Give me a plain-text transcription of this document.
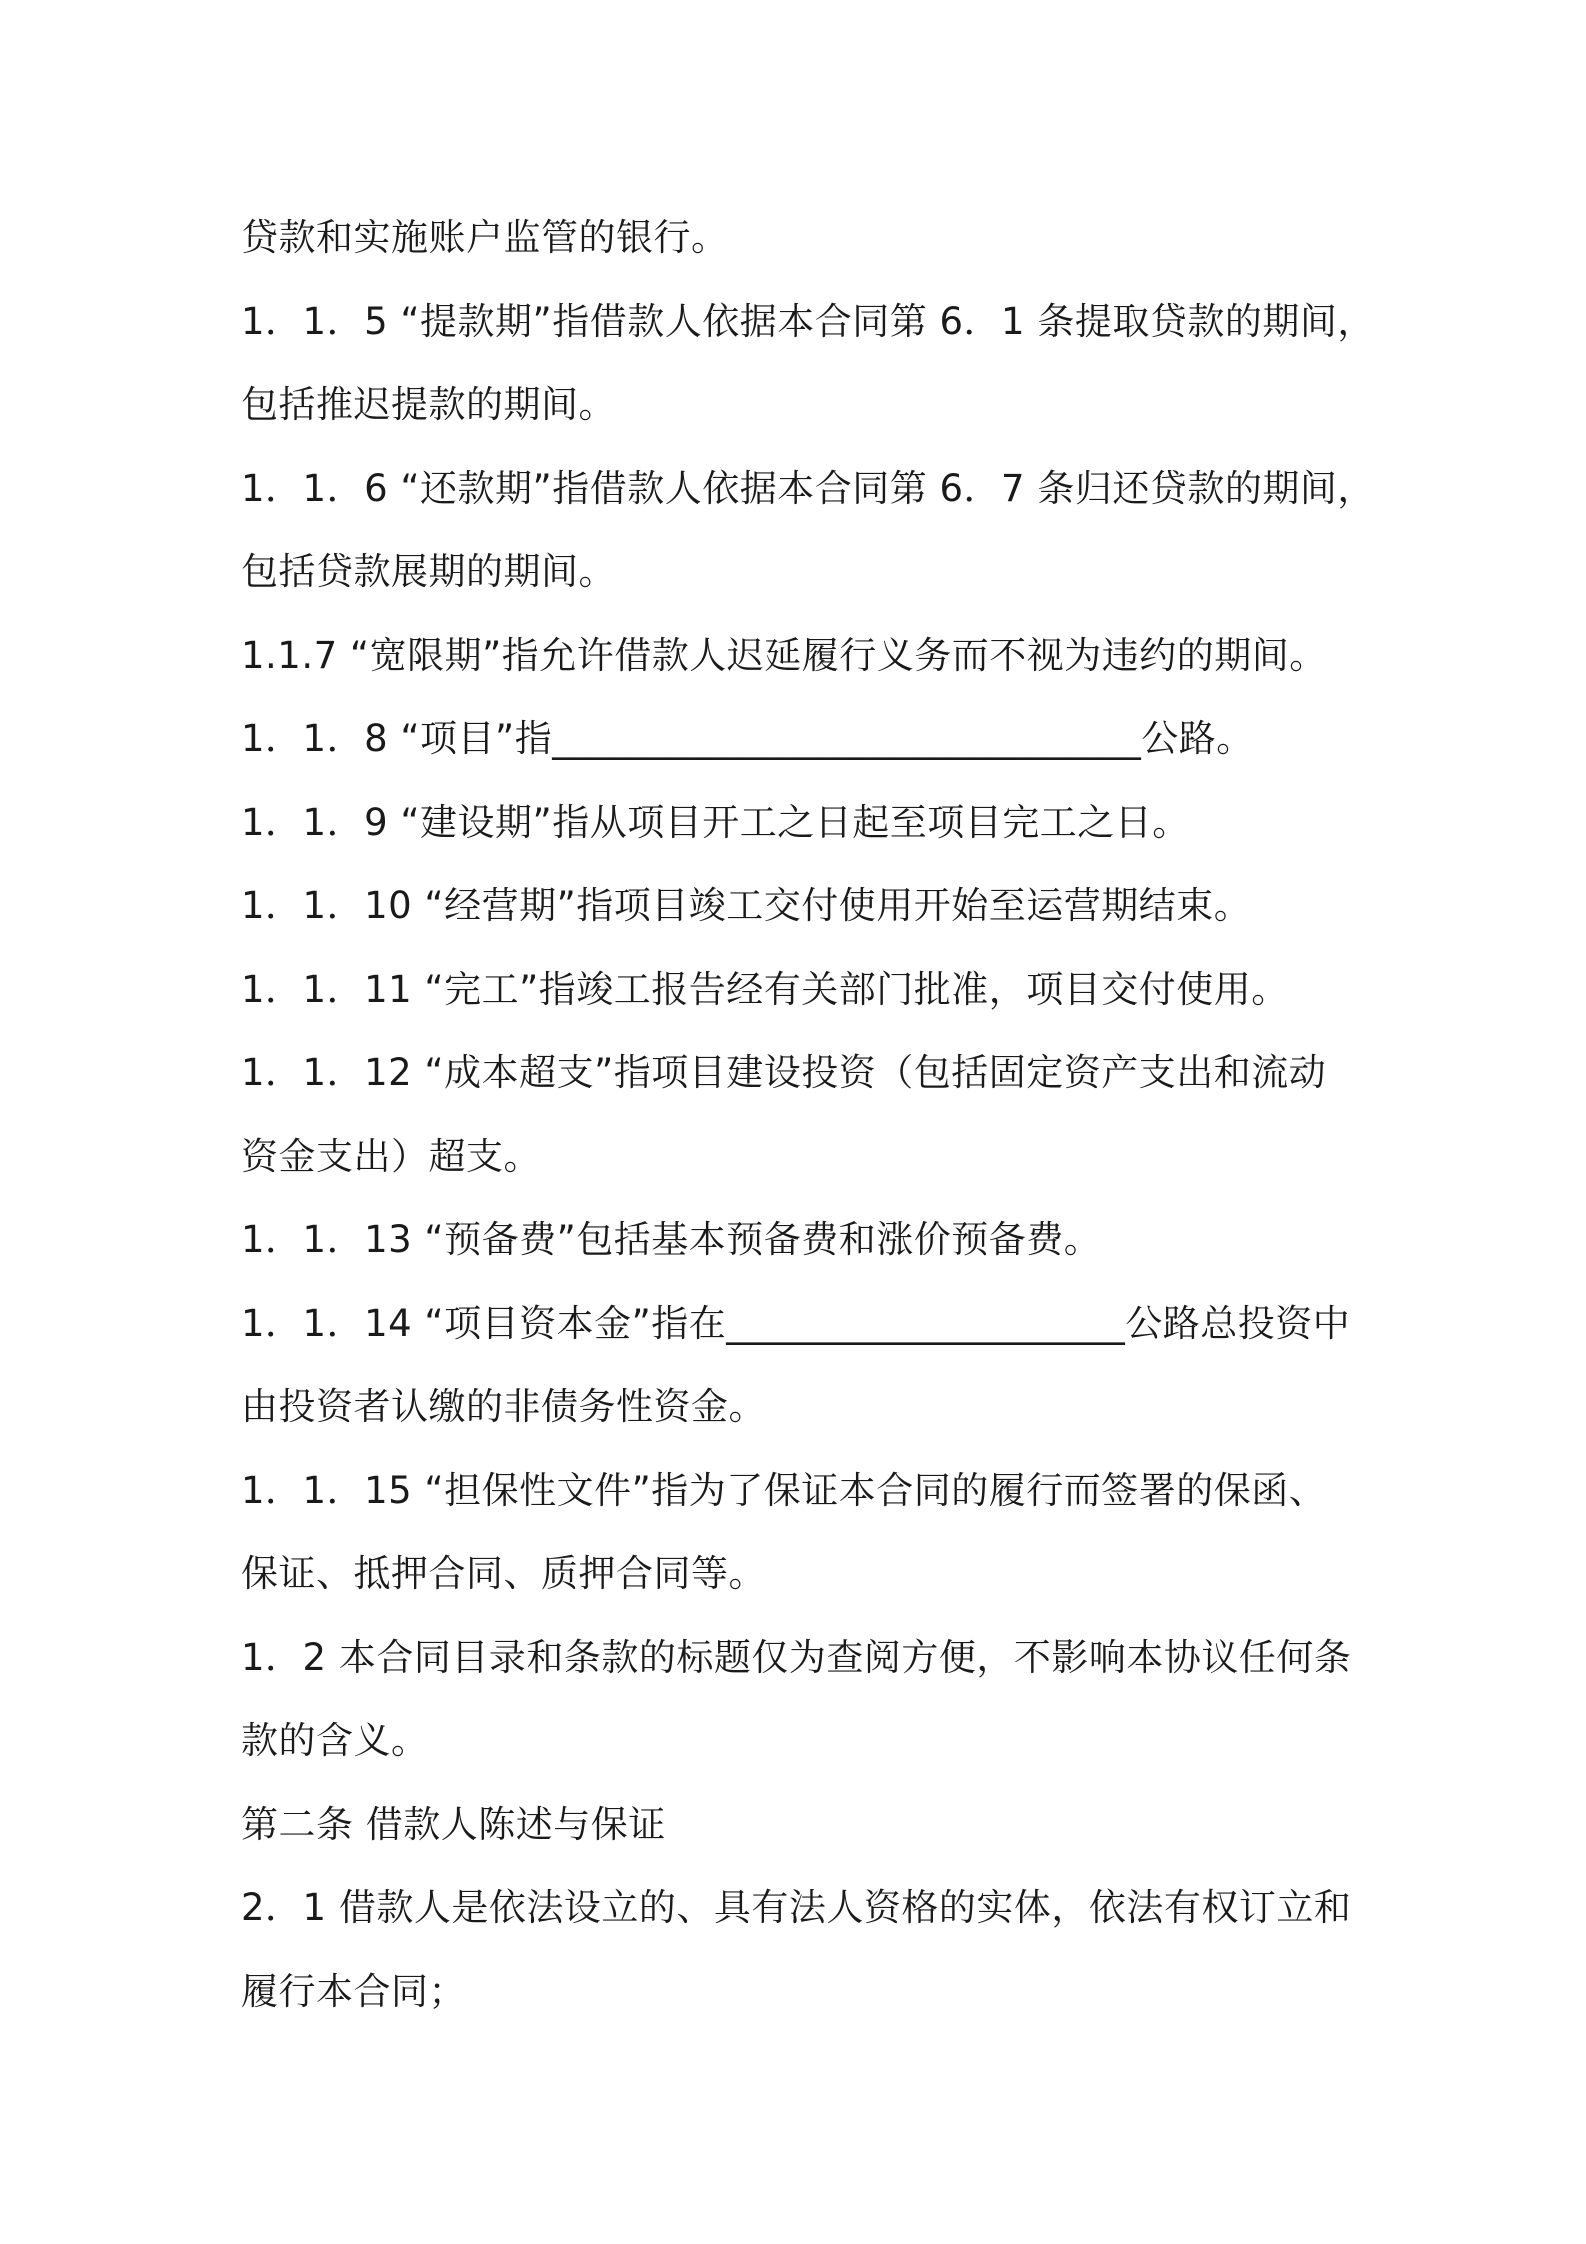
贷款和实施账户监管的银行。
1．1．5 “提款期”指借款人依据本合同第 6．1 条提取贷款的期间，
包括推迟提款的期间。
1．1．6 “还款期”指借款人依据本合同第 6．7 条归还贷款的期间，
包括贷款展期的期间。
1.1.7 “宽限期”指允许借款人迟延履行义务而不视为违约的期间。
1．1．8 “项目”指_______________________________公路。
1．1．9 “建设期”指从项目开工之日起至项目完工之日。
1．1．10 “经营期”指项目竣工交付使用开始至运营期结束。
1．1．11 “完工”指竣工报告经有关部门批准，项目交付使用。
1．1．12 “成本超支”指项目建设投资（包括固定资产支出和流动
资金支出）超支。
1．1．13 “预备费”包括基本预备费和涨价预备费。
1．1．14 “项目资本金”指在_____________________公路总投资中
由投资者认缴的非债务性资金。
1．1．15 “担保性文件”指为了保证本合同的履行而签署的保函、
保证、抵押合同、质押合同等。
1．2 本合同目录和条款的标题仅为查阅方便，不影响本协议任何条
款的含义。
第二条 借款人陈述与保证
2．1 借款人是依法设立的、具有法人资格的实体，依法有权订立和
履行本合同；
